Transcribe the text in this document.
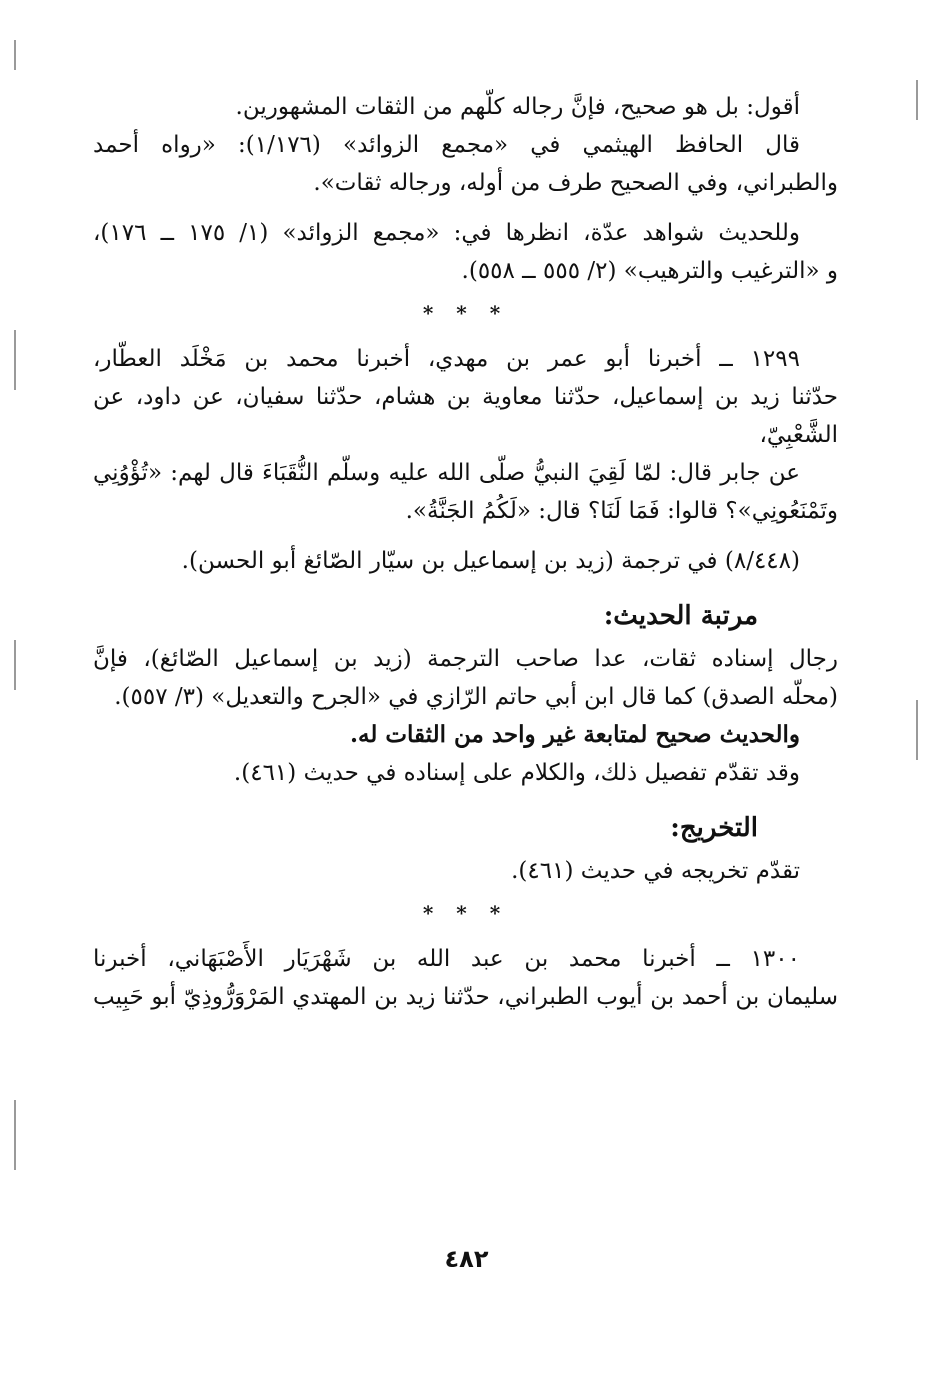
أقول: بل هو صحيح، فإنَّ رجاله كلّهم من الثقات المشهورين.
قال الحافظ الهيثمي في «مجمع الزوائد» (١/١٧٦): «رواه أحمد
والطبراني، وفي الصحيح طرف من أوله، ورجاله ثقات».
وللحديث شواهد عدّة، انظرها في: «مجمع الزوائد» (١/ ١٧٥ ــ ١٧٦)،
و «الترغيب والترهيب» (٢/ ٥٥٥ ــ ٥٥٨).
* * *
١٢٩٩ ــ أخبرنا أبو عمر بن مهدي، أخبرنا محمد بن مَخْلَد العطّار،
حدّثنا زيد بن إسماعيل، حدّثنا معاوية بن هشام، حدّثنا سفيان، عن داود، عن
الشَّعْبِيّ،
عن جابر قال: لمّا لَقِيَ النبيُّ صلّى الله عليه وسلّم النُّقَبَاءَ قال لهم: «تُؤْوُنِي
وتَمْنَعُونِي»؟ قالوا: فَمَا لَنَا؟ قال: «لَكُمُ الجَنَّةُ».
(٨/٤٤٨) في ترجمة (زيد بن إسماعيل بن سيّار الصّائغ أبو الحسن).
مرتبة الحديث:
رجال إسناده ثقات، عدا صاحب الترجمة (زيد بن إسماعيل الصّائغ)، فإنَّ
(محلّه الصدق) كما قال ابن أبي حاتم الرّازي في «الجرح والتعديل» (٣/ ٥٥٧).
والحديث صحيح لمتابعة غير واحد من الثقات له.
وقد تقدّم تفصيل ذلك، والكلام على إسناده في حديث (٤٦١).
التخريج:
تقدّم تخريجه في حديث (٤٦١).
* * *
١٣٠٠ ــ أخبرنا محمد بن عبد الله بن شَهْرَيَار الأَصْبَهَاني، أخبرنا
سليمان بن أحمد بن أيوب الطبراني، حدّثنا زيد بن المهتدي المَرْوَرُّوذِيّ أبو حَبِيب
٤٨٢
